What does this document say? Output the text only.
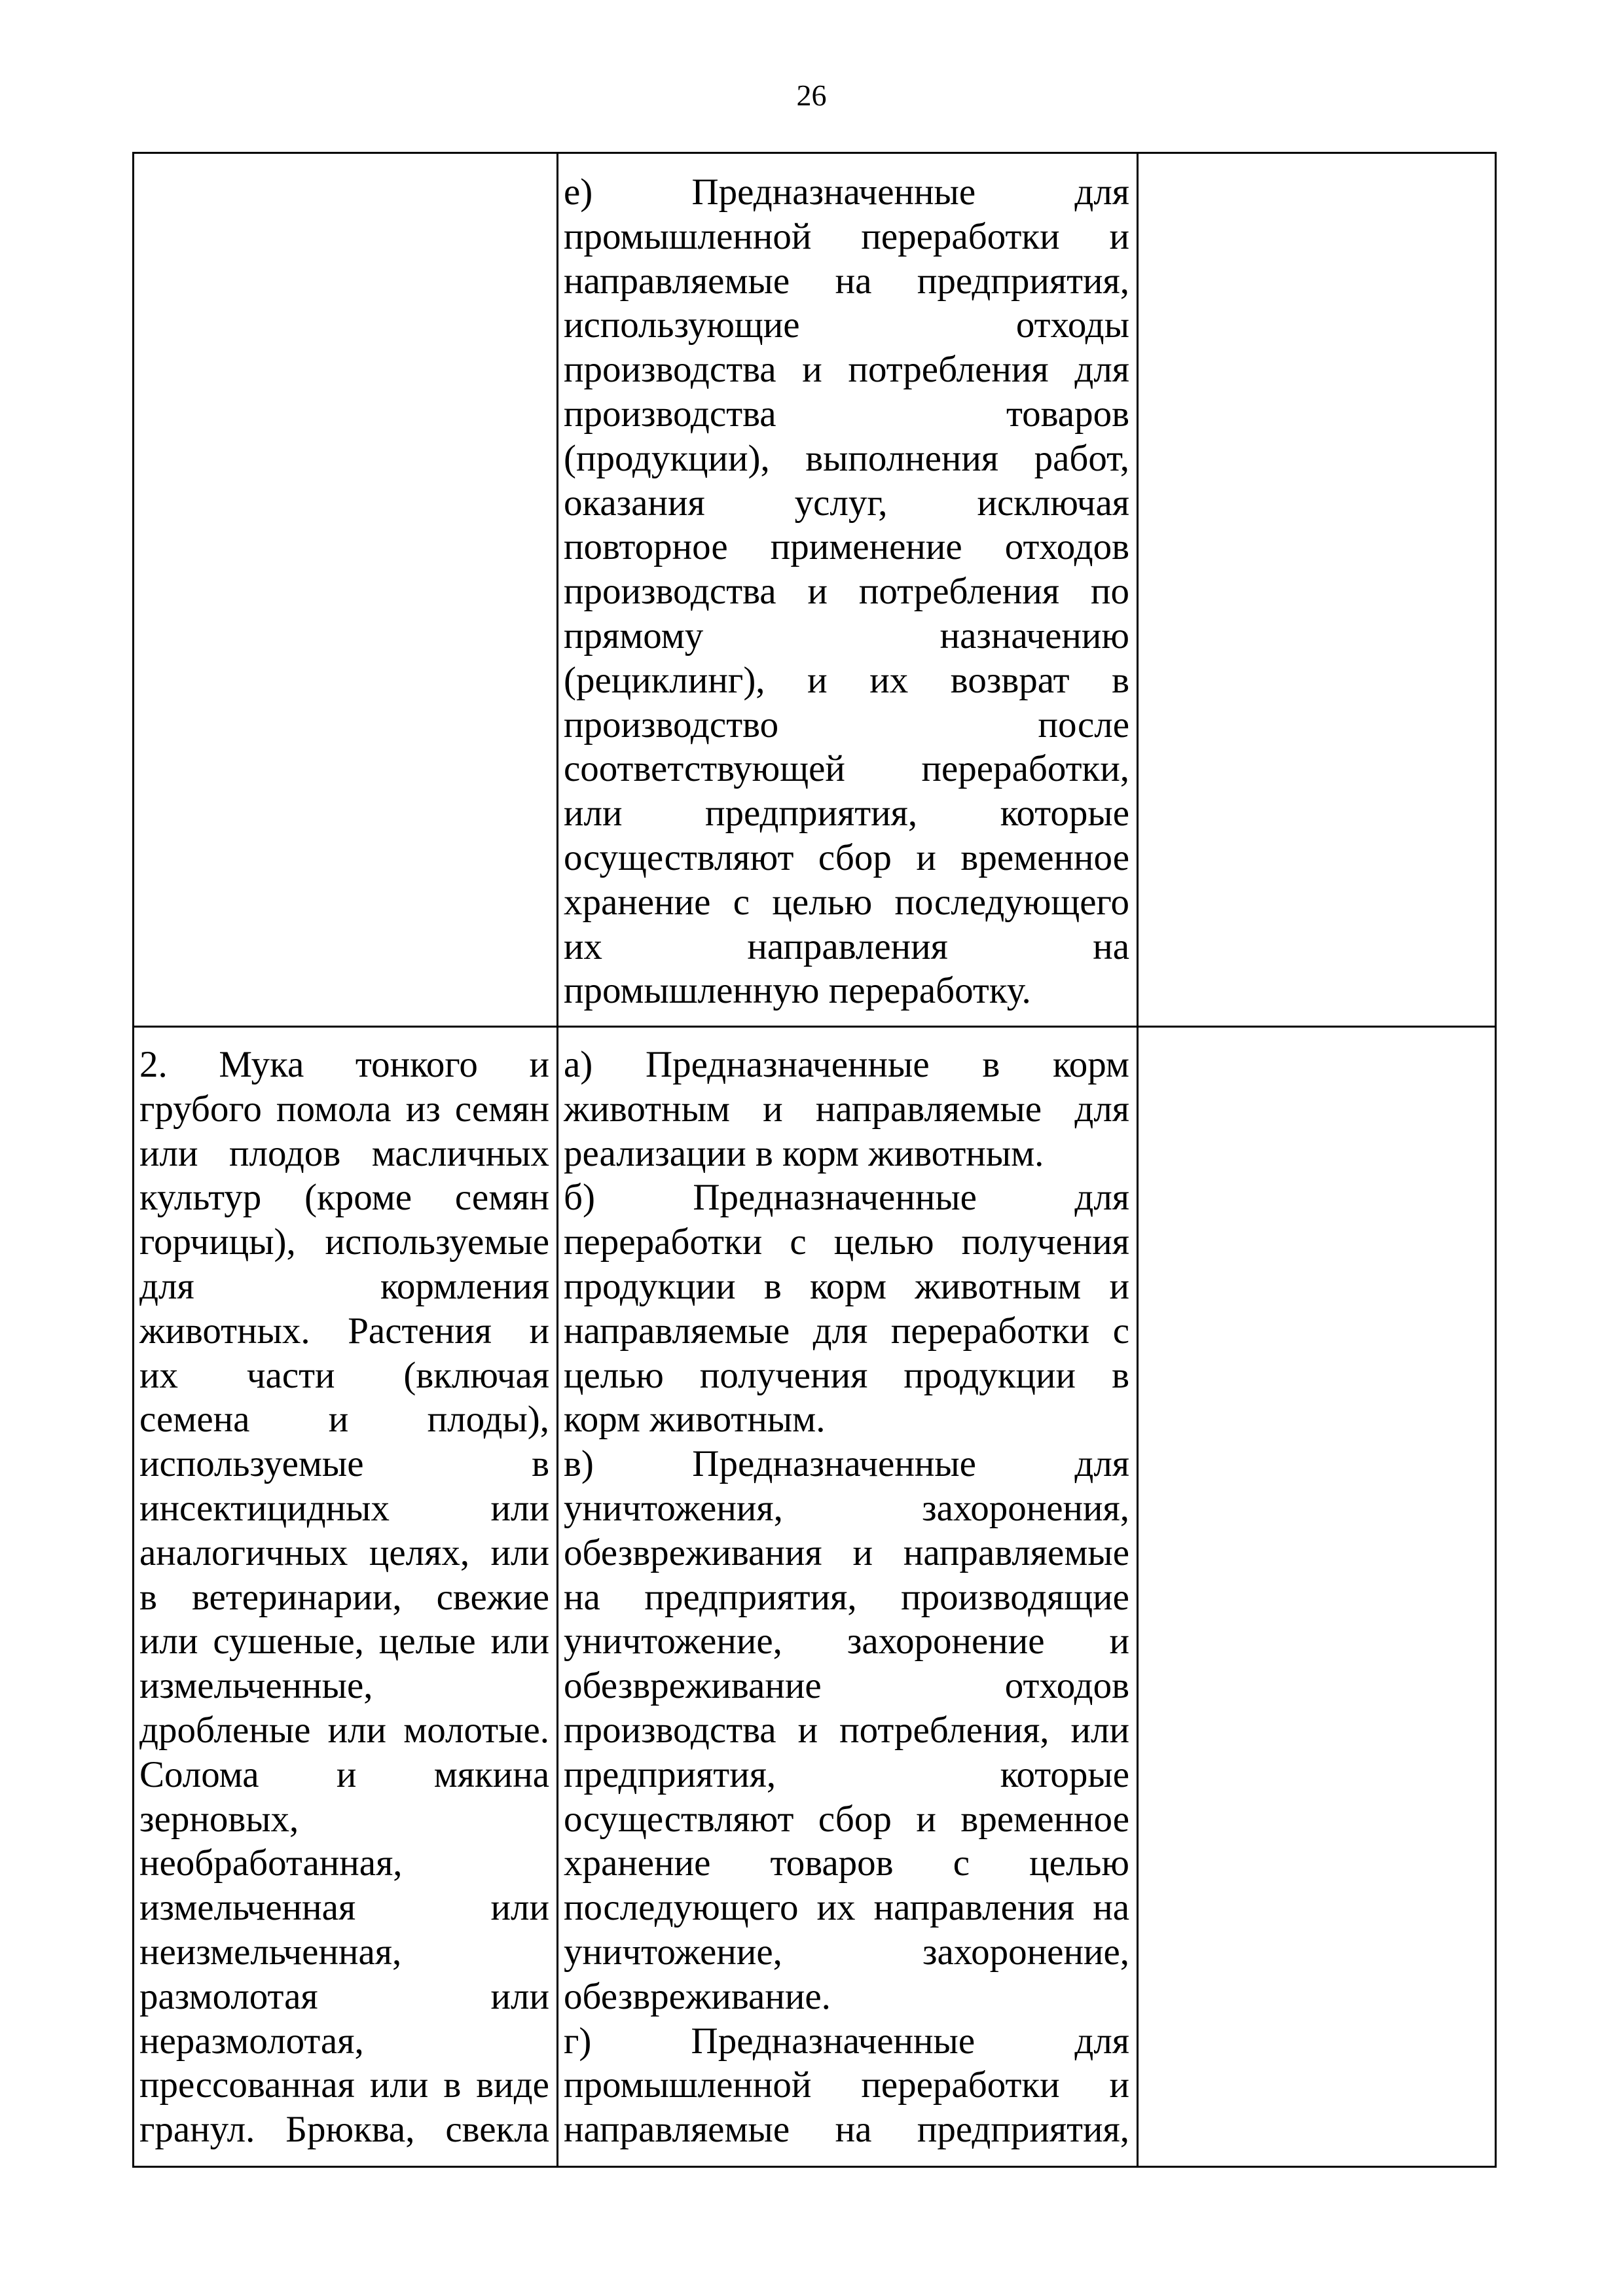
26
е) Предназначенные для
промышленной переработки и
направляемые на предприятия,
использующие отходы
производства и потребления для
производства товаров
(продукции), выполнения работ,
оказания услуг, исключая
повторное применение отходов
производства и потребления по
прямому назначению
(рециклинг), и их возврат в
производство после
соответствующей переработки,
или предприятия, которые
осуществляют сбор и временное
хранение с целью последующего
их направления на
промышленную переработку.
2. Мука тонкого и
грубого помола из семян
или плодов масличных
культур (кроме семян
горчицы), используемые
для кормления
животных. Растения и
их части (включая
семена и плоды),
используемые в
инсектицидных или
аналогичных целях, или
в ветеринарии, свежие
или сушеные, целые или
измельченные,
дробленые или молотые.
Солома и мякина
зерновых,
необработанная,
измельченная или
неизмельченная,
размолотая или
неразмолотая,
прессованная или в виде
гранул. Брюква, свекла
а) Предназначенные в корм
животным и направляемые для
реализации в корм животным.
б) Предназначенные для
переработки с целью получения
продукции в корм животным и
направляемые для переработки с
целью получения продукции в
корм животным.
в) Предназначенные для
уничтожения, захоронения,
обезвреживания и направляемые
на предприятия, производящие
уничтожение, захоронение и
обезвреживание отходов
производства и потребления, или
предприятия, которые
осуществляют сбор и временное
хранение товаров с целью
последующего их направления на
уничтожение, захоронение,
обезвреживание.
г) Предназначенные для
промышленной переработки и
направляемые на предприятия,
